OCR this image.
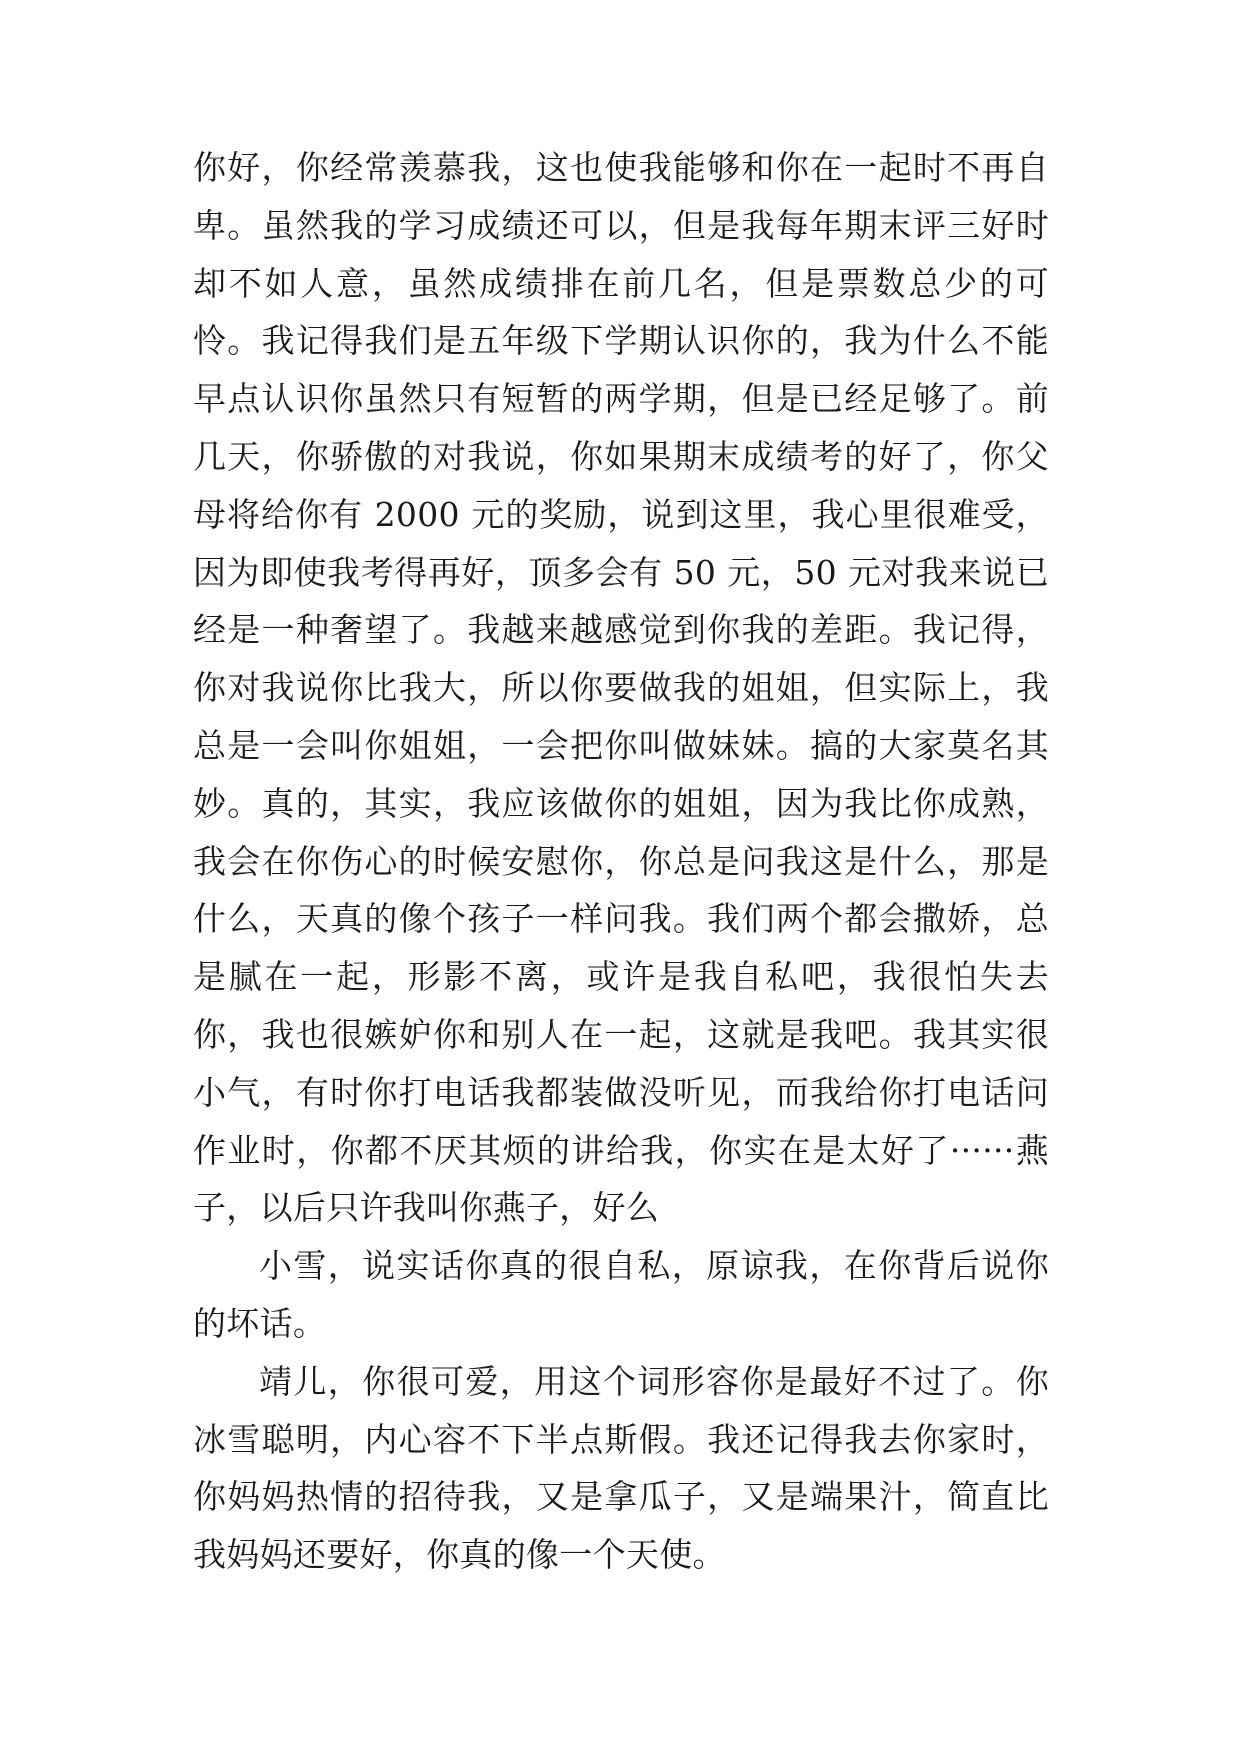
你好，你经常羡慕我，这也使我能够和你在一起时不再自卑。虽然我的学习成绩还可以，但是我每年期末评三好时却不如人意，虽然成绩排在前几名，但是票数总少的可怜。我记得我们是五年级下学期认识你的，我为什么不能早点认识你虽然只有短暂的两学期，但是已经足够了。前几天，你骄傲的对我说，你如果期末成绩考的好了，你父母将给你有 2000 元的奖励，说到这里，我心里很难受，因为即使我考得再好，顶多会有 50 元，50 元对我来说已经是一种奢望了。我越来越感觉到你我的差距。我记得，你对我说你比我大，所以你要做我的姐姐，但实际上，我总是一会叫你姐姐，一会把你叫做妹妹。搞的大家莫名其妙。真的，其实，我应该做你的姐姐，因为我比你成熟，我会在你伤心的时候安慰你，你总是问我这是什么，那是什么，天真的像个孩子一样问我。我们两个都会撒娇，总是腻在一起，形影不离，或许是我自私吧，我很怕失去你，我也很嫉妒你和别人在一起，这就是我吧。我其实很小气，有时你打电话我都装做没听见，而我给你打电话问作业时，你都不厌其烦的讲给我，你实在是太好了······燕子，以后只许我叫你燕子，好么

小雪，说实话你真的很自私，原谅我，在你背后说你的坏话。

靖儿，你很可爱，用这个词形容你是最好不过了。你冰雪聪明，内心容不下半点斯假。我还记得我去你家时，你妈妈热情的招待我，又是拿瓜子，又是端果汁，简直比我妈妈还要好，你真的像一个天使。
